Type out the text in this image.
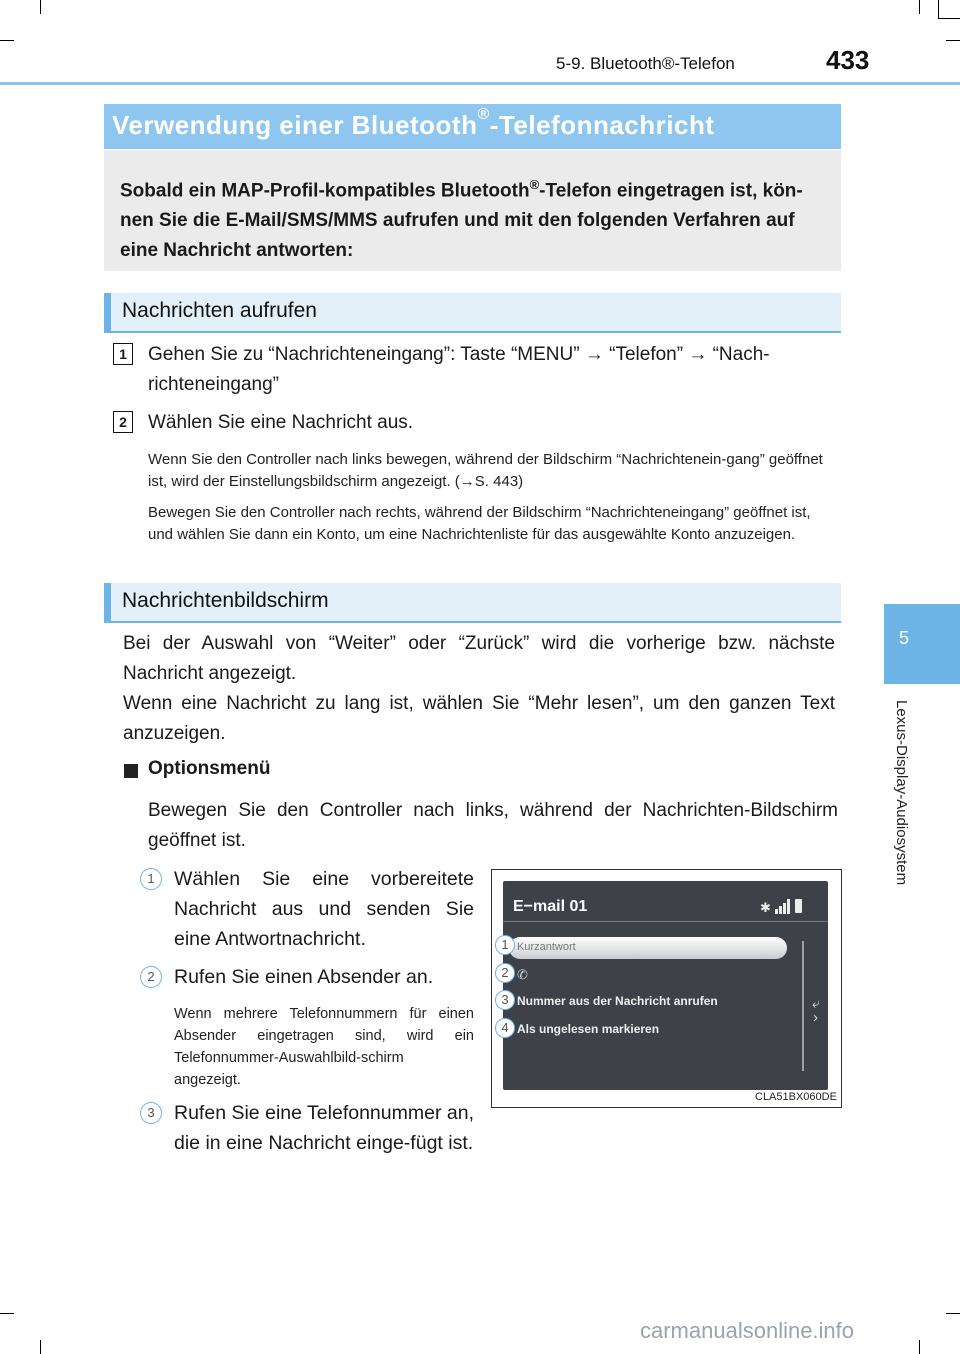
5-9. Bluetooth®-Telefon	433
5
Lexus-Display-Audiosystem
Verwendung einer Bluetooth®-Telefonnachricht
Sobald ein MAP-Profil-kompatibles Bluetooth®-Telefon eingetragen ist, kön-nen Sie die E-Mail/SMS/MMS aufrufen und mit den folgenden Verfahren auf eine Nachricht antworten:
Nachrichten aufrufen
1	Gehen Sie zu “Nachrichteneingang”: Taste “MENU” → “Telefon” → “Nach-
richteneingang”
2	Wählen Sie eine Nachricht aus.
Wenn Sie den Controller nach links bewegen, während der Bildschirm “Nachrichtenein-gang” geöffnet ist, wird der Einstellungsbildschirm angezeigt. (→S. 443)
Bewegen Sie den Controller nach rechts, während der Bildschirm “Nachrichteneingang” geöffnet ist, und wählen Sie dann ein Konto, um eine Nachrichtenliste für das ausgewählte Konto anzuzeigen.
Nachrichtenbildschirm
Bei der Auswahl von “Weiter” oder “Zurück” wird die vorherige bzw. nächste Nachricht angezeigt.
Wenn eine Nachricht zu lang ist, wählen Sie “Mehr lesen”, um den ganzen Text anzuzeigen.
Optionsmenü
Bewegen Sie den Controller nach links, während der Nachrichten-Bildschirm geöffnet ist.
1 Wählen Sie eine vorbereitete Nachricht aus und senden Sie eine Antwortnachricht.
2 Rufen Sie einen Absender an.
Wenn mehrere Telefonnummern für einen Absender eingetragen sind, wird ein Telefonnummer-Auswahlbild-schirm angezeigt.
3 Rufen Sie eine Telefonnummer an, die in eine Nachricht einge-fügt ist.
E−mail 01	✱
Kurzantwort
✆
Nummer aus der Nachricht anrufen
Als ungelesen markieren
⤶
›
1
2
3
4
CLA51BX060DE
carmanualsonline.info
